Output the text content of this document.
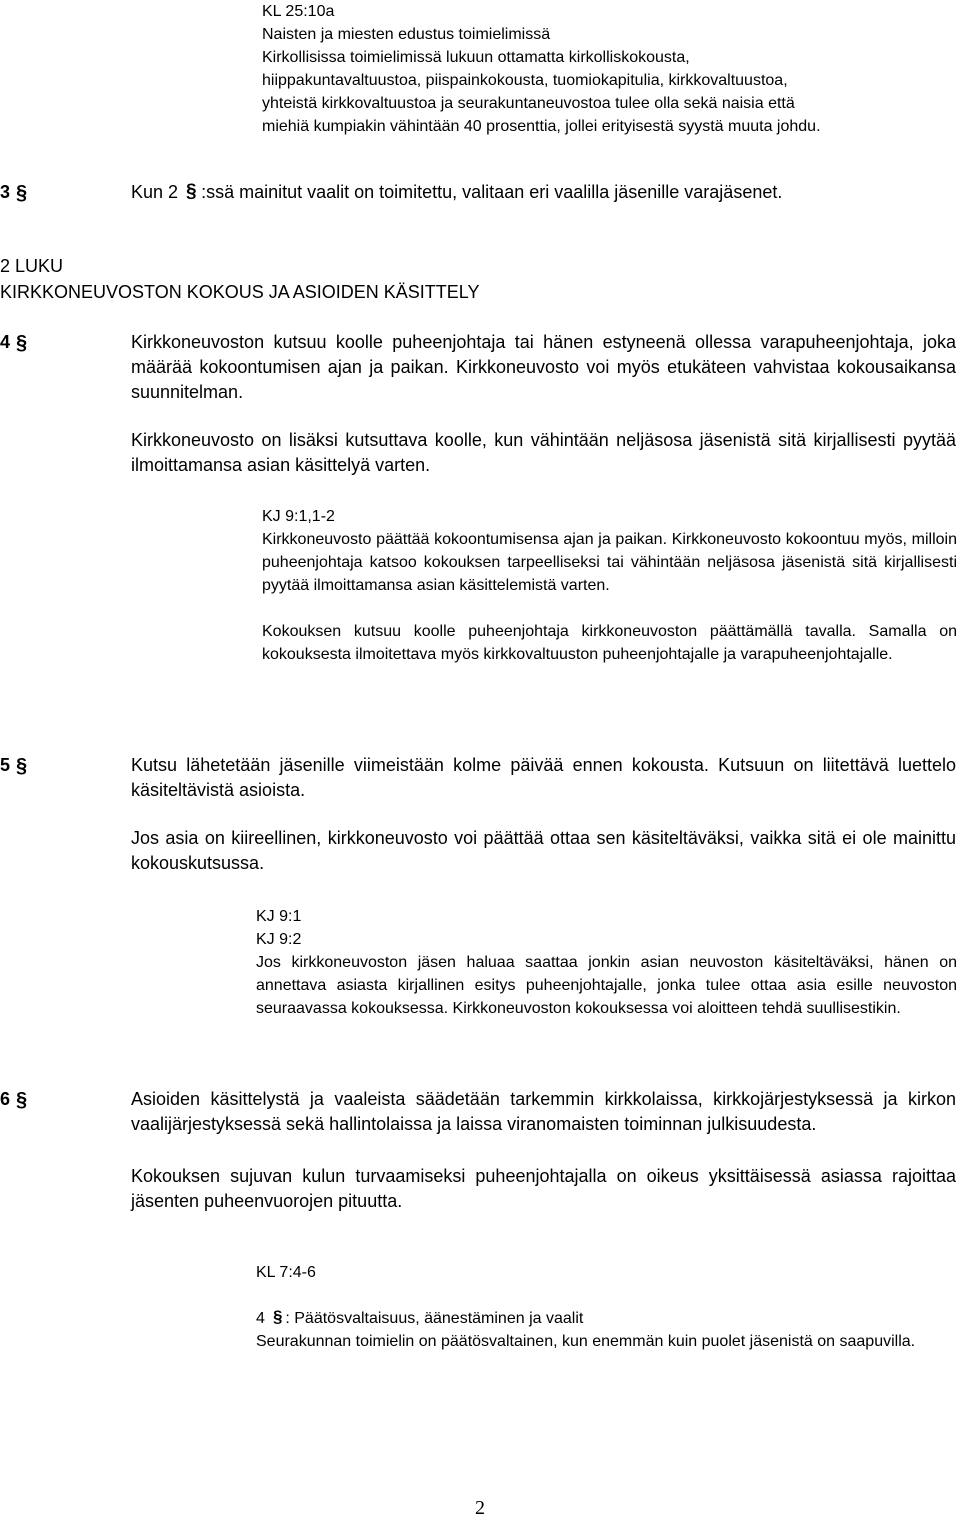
KL 25:10a
Naisten ja miesten edustus toimielimissä
Kirkollisissa toimielimissä lukuun ottamatta kirkolliskokousta,
hiippakuntavaltuustoa, piispainkokousta, tuomiokapitulia, kirkkovaltuustoa,
yhteistä kirkkovaltuustoa ja seurakuntaneuvostoa tulee olla sekä naisia että
miehiä kumpiakin vähintään 40 prosenttia, jollei erityisestä syystä muuta johdu.
3 §	Kun 2 § :ssä mainitut vaalit on toimitettu, valitaan eri vaalilla jäsenille varajäsenet.
2 LUKU
KIRKKONEUVOSTON KOKOUS JA ASIOIDEN KÄSITTELY
4 §	Kirkkoneuvoston kutsuu koolle puheenjohtaja tai hänen estyneenä ollessa varapuheenjohtaja, joka määrää kokoontumisen ajan ja paikan. Kirkkoneuvosto voi myös etukäteen vahvistaa kokousaikansa suunnitelman.

Kirkkoneuvosto on lisäksi kutsuttava koolle, kun vähintään neljäsosa jäsenistä sitä kirjallisesti pyytää ilmoittamansa asian käsittelyä varten.

KJ 9:1,1-2

Kirkkoneuvosto päättää kokoontumisensa ajan ja paikan. Kirkkoneuvosto kokoontuu myös, milloin puheenjohtaja katsoo kokouksen tarpeelliseksi tai vähintään neljäsosa jäsenistä sitä kirjallisesti pyytää ilmoittamansa asian käsittelemistä varten.

Kokouksen kutsuu koolle puheenjohtaja kirkkoneuvoston päättämällä tavalla. Samalla on kokouksesta ilmoitettava myös kirkkovaltuuston puheenjohtajalle ja varapuheenjohtajalle.

5 §	Kutsu lähetetään jäsenille viimeistään kolme päivää ennen kokousta. Kutsuun on liitettävä luettelo käsiteltävistä asioista.

Jos asia on kiireellinen, kirkkoneuvosto voi päättää ottaa sen käsiteltäväksi, vaikka sitä ei ole mainittu kokouskutsussa.

KJ 9:1

KJ 9:2

Jos kirkkoneuvoston jäsen haluaa saattaa jonkin asian neuvoston käsiteltäväksi, hänen on annettava asiasta kirjallinen esitys puheenjohtajalle, jonka tulee ottaa asia esille neuvoston seuraavassa kokouksessa. Kirkkoneuvoston kokouksessa voi aloitteen tehdä suullisestikin.

6 §	Asioiden käsittelystä ja vaaleista säädetään tarkemmin kirkkolaissa, kirkkojärjestyksessä ja kirkon vaalijärjestyksessä sekä hallintolaissa ja laissa viranomaisten toiminnan julkisuudesta.

Kokouksen sujuvan kulun turvaamiseksi puheenjohtajalla on oikeus yksittäisessä asiassa rajoittaa jäsenten puheenvuorojen pituutta.

KL 7:4-6

4 § : Päätösvaltaisuus, äänestäminen ja vaalit

Seurakunnan toimielin on päätösvaltainen, kun enemmän kuin puolet jäsenistä on saapuvilla.

2
